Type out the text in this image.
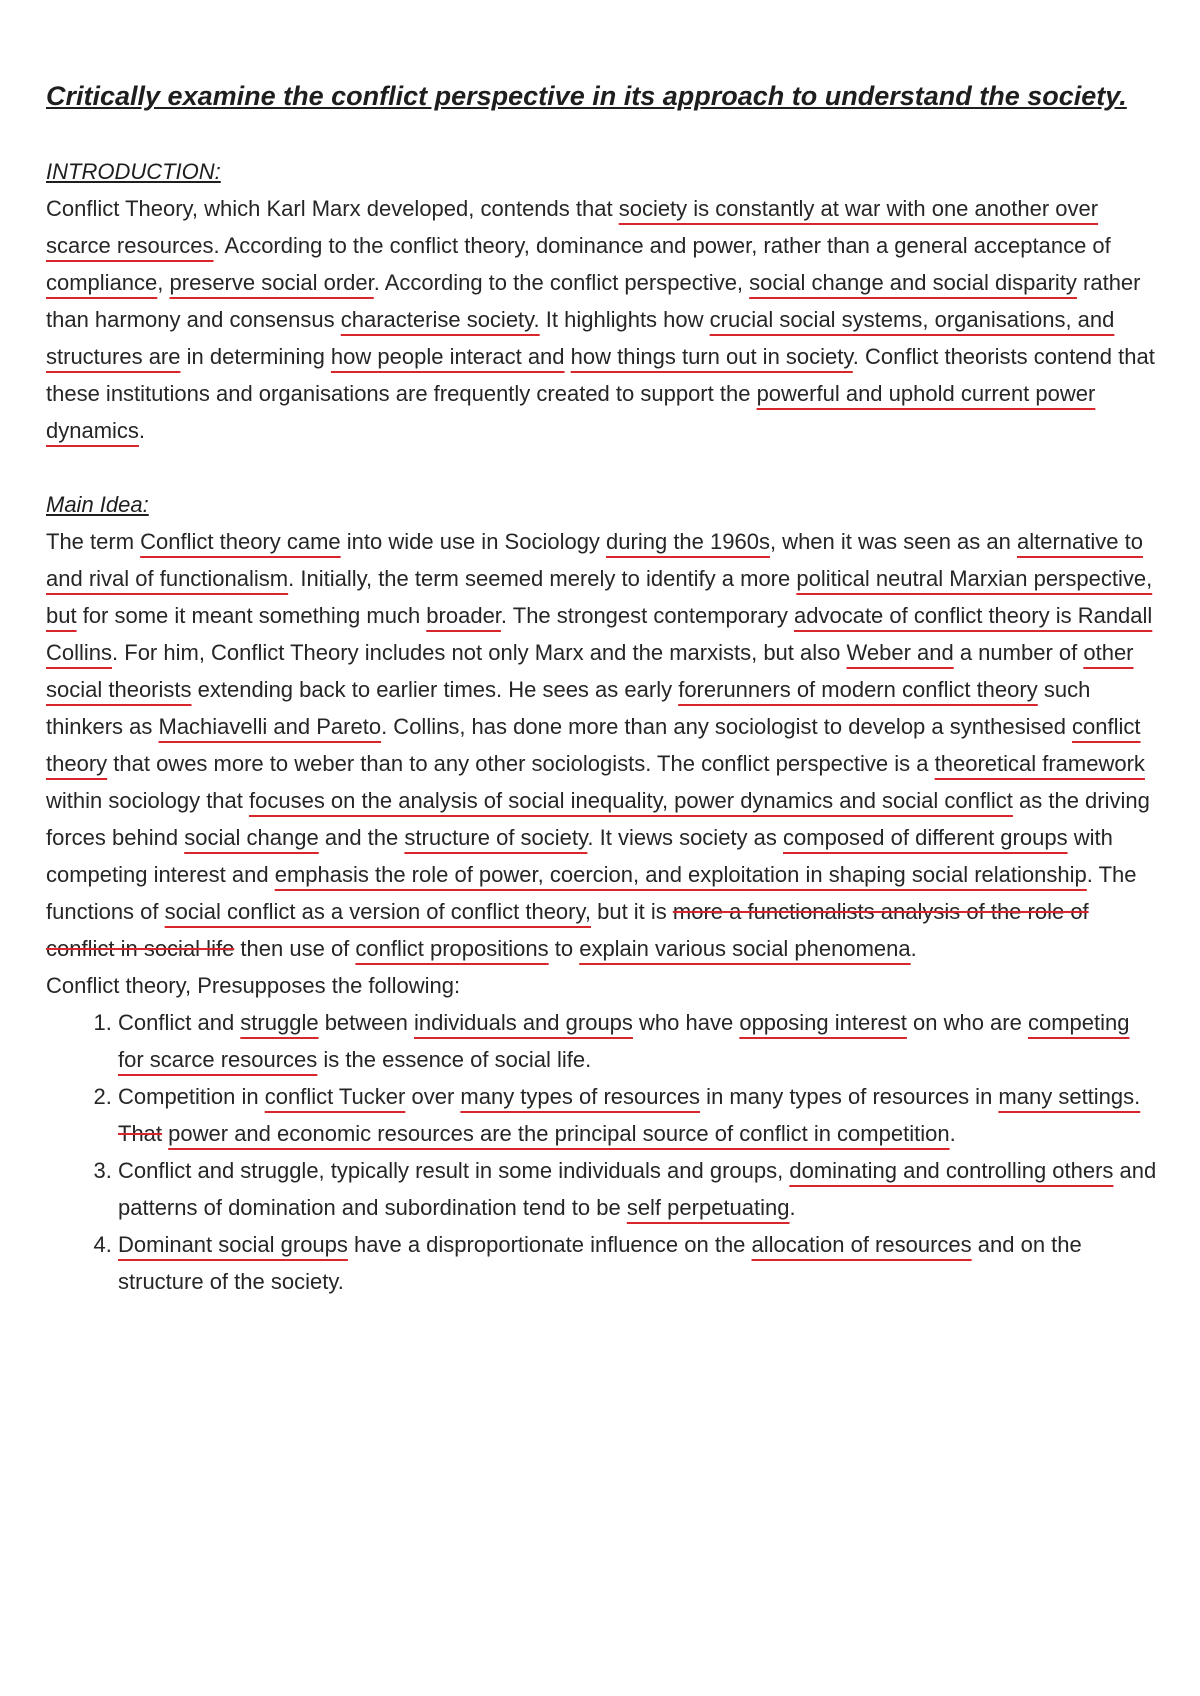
Critically examine the conflict perspective in its approach to understand the society.
INTRODUCTION:

Conflict Theory, which Karl Marx developed, contends that society is constantly at war with one another over scarce resources. According to the conflict theory, dominance and power, rather than a general acceptance of compliance, preserve social order. According to the conflict perspective, social change and social disparity rather than harmony and consensus characterise society. It highlights how crucial social systems, organisations, and structures are in determining how people interact and how things turn out in society. Conflict theorists contend that these institutions and organisations are frequently created to support the powerful and uphold current power dynamics.

Main Idea:

The term Conflict theory came into wide use in Sociology during the 1960s, when it was seen as an alternative to and rival of functionalism. Initially, the term seemed merely to identify a more political neutral Marxian perspective, but for some it meant something much broader. The strongest contemporary advocate of conflict theory is Randall Collins. For him, Conflict Theory includes not only Marx and the marxists, but also Weber and a number of other social theorists extending back to earlier times. He sees as early forerunners of modern conflict theory such thinkers as Machiavelli and Pareto. Collins, has done more than any sociologist to develop a synthesised conflict theory that owes more to weber than to any other sociologists. The conflict perspective is a theoretical framework within sociology that focuses on the analysis of social inequality, power dynamics and social conflict as the driving forces behind social change and the structure of society. It views society as composed of different groups with competing interest and emphasis the role of power, coercion, and exploitation in shaping social relationship. The functions of social conflict as a version of conflict theory, but it is more a functionalists analysis of the role of conflict in social life then use of conflict propositions to explain various social phenomena.

Conflict theory, Presupposes the following:

1. Conflict and struggle between individuals and groups who have opposing interest on who are competing for scarce resources is the essence of social life.
2. Competition in conflict Tucker over many types of resources in many types of resources in many settings. That power and economic resources are the principal source of conflict in competition.
3. Conflict and struggle, typically result in some individuals and groups, dominating and controlling others and patterns of domination and subordination tend to be self perpetuating.
4. Dominant social groups have a disproportionate influence on the allocation of resources and on the structure of the society.
